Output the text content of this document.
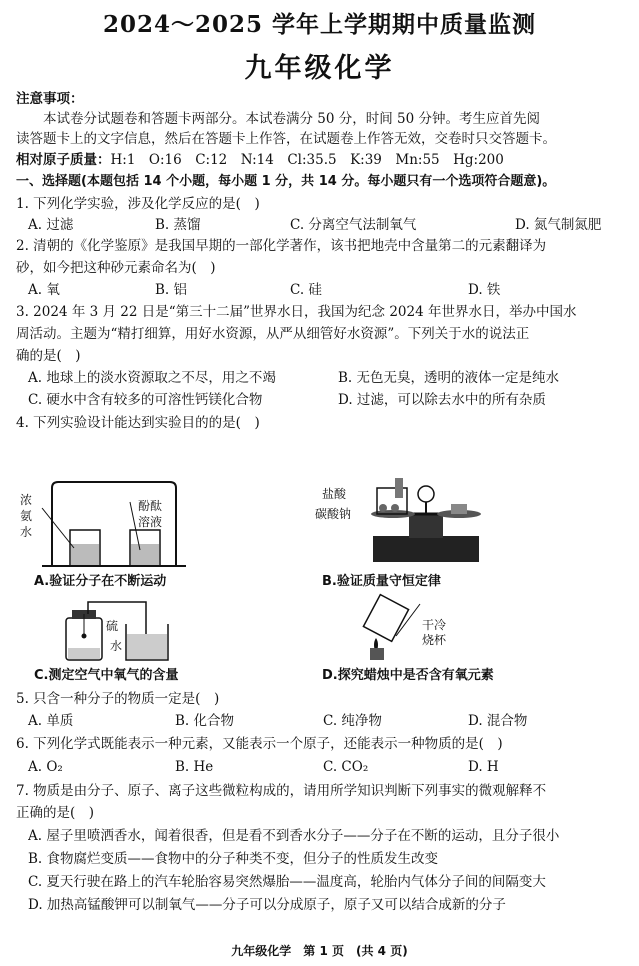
2024～2025 学年上学期期中质量监测
九年级化学
注意事项：
本试卷分试题卷和答题卡两部分。本试卷满分 50 分，时间 50 分钟。考生应首先阅
读答题卡上的文字信息，然后在答题卡上作答，在试题卷上作答无效，交卷时只交答题卡。
相对原子质量：H:1　O:16　C:12　N:14　Cl:35.5　K:39　Mn:55　Hg:200
一、选择题(本题包括 14 个小题，每小题 1 分，共 14 分。每小题只有一个选项符合题意)。
1. 下列化学实验，涉及化学反应的是(　)
A. 过滤	B. 蒸馏	C. 分离空气法制氧气	D. 氮气制氮肥
2. 清朝的《化学鉴原》是我国早期的一部化学著作，该书把地壳中含量第二的元素翻译为
砂，如今把这种砂元素命名为(　)
A. 氧	B. 铝	C. 硅	D. 铁
3. 2024 年 3 月 22 日是“第三十二届”世界水日，我国为纪念 2024 年世界水日，举办中国水
周活动。主题为“精打细算，用好水资源，从严从细管好水资源”。下列关于水的说法正
确的是(　)
A. 地球上的淡水资源取之不尽，用之不竭	B. 无色无臭，透明的液体一定是纯水
C. 硬水中含有较多的可溶性钙镁化合物	D. 过滤，可以除去水中的所有杂质
4. 下列实验设计能达到实验目的的是(　)
浓
氨
水
酚酞
溶液
A.验证分子在不断运动
盐酸
碳酸钠
B.验证质量守恒定律
硫
水
C.测定空气中氧气的含量
干冷
烧杯
D.探究蜡烛中是否含有氧元素
5. 只含一种分子的物质一定是(　)
A. 单质	B. 化合物	C. 纯净物	D. 混合物
6. 下列化学式既能表示一种元素，又能表示一个原子，还能表示一种物质的是(　)
A. O₂	B. He	C. CO₂	D. H
7. 物质是由分子、原子、离子这些微粒构成的，请用所学知识判断下列事实的微观解释不
正确的是(　)
A. 屋子里喷洒香水，闻着很香，但是看不到香水分子——分子在不断的运动，且分子很小
B. 食物腐烂变质——食物中的分子种类不变，但分子的性质发生改变
C. 夏天行驶在路上的汽车轮胎容易突然爆胎——温度高，轮胎内气体分子间的间隔变大
D. 加热高锰酸钾可以制氧气——分子可以分成原子，原子又可以结合成新的分子
九年级化学　第 1 页　(共 4 页)
